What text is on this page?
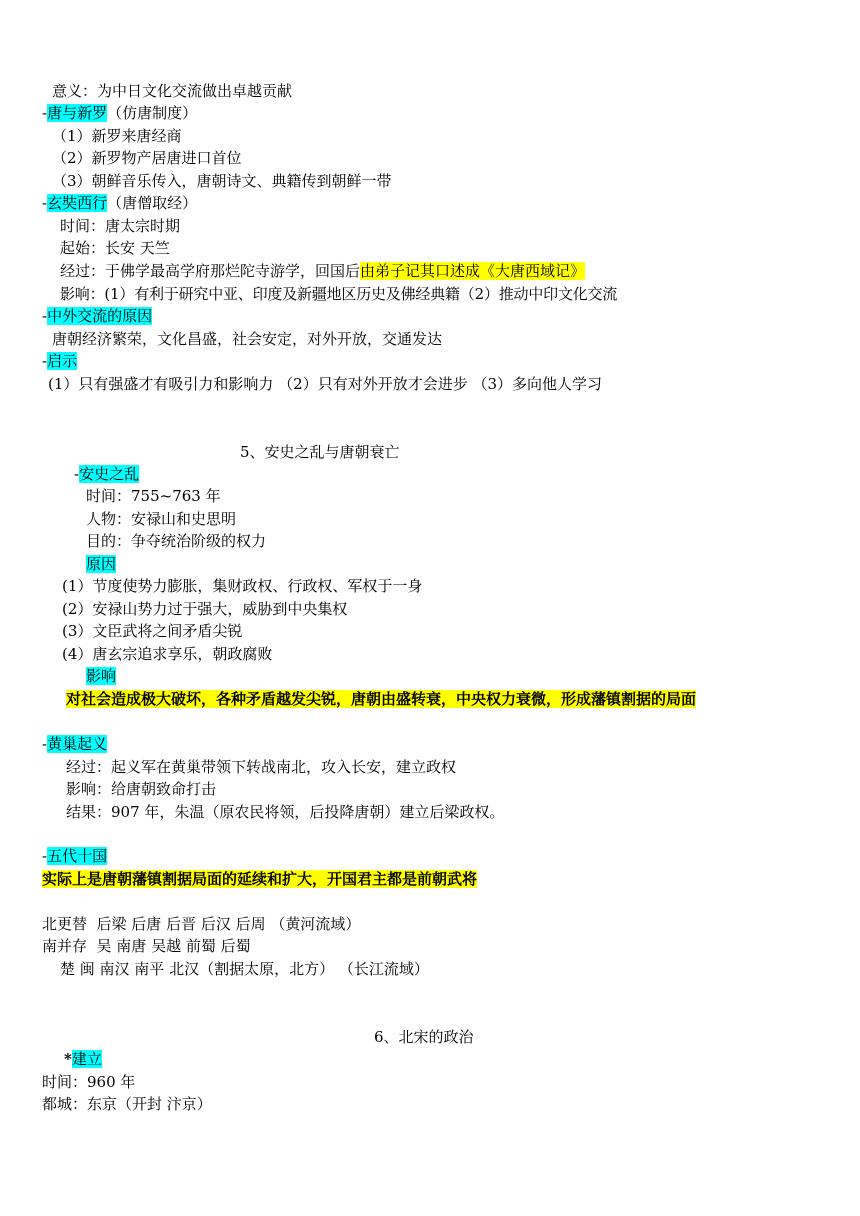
意义：为中日文化交流做出卓越贡献
-唐与新罗（仿唐制度）
（1）新罗来唐经商
（2）新罗物产居唐进口首位
（3）朝鲜音乐传入，唐朝诗文、典籍传到朝鲜一带
-玄奘西行（唐僧取经）
时间：唐太宗时期
起始：长安 天竺
经过：于佛学最高学府那烂陀寺游学，回国后由弟子记其口述成《大唐西域记》
影响：(1）有利于研究中亚、印度及新疆地区历史及佛经典籍（2）推动中印文化交流
-中外交流的原因
唐朝经济繁荣，文化昌盛，社会安定，对外开放，交通发达
-启示
(1）只有强盛才有吸引力和影响力 （2）只有对外开放才会进步 （3）多向他人学习
5、安史之乱与唐朝衰亡
-安史之乱
时间：755~763 年
人物：安禄山和史思明
目的：争夺统治阶级的权力
原因
(1）节度使势力膨胀，集财政权、行政权、军权于一身
(2）安禄山势力过于强大，威胁到中央集权
(3）文臣武将之间矛盾尖锐
(4）唐玄宗追求享乐，朝政腐败
影响
对社会造成极大破坏，各种矛盾越发尖锐，唐朝由盛转衰，中央权力衰微，形成藩镇割据的局面
-黄巢起义
经过：起义军在黄巢带领下转战南北，攻入长安，建立政权
影响：给唐朝致命打击
结果：907 年，朱温（原农民将领，后投降唐朝）建立后梁政权。
-五代十国
实际上是唐朝藩镇割据局面的延续和扩大，开国君主都是前朝武将
北更替  后梁 后唐 后晋 后汉 后周 （黄河流域）
南并存  吴 南唐 吴越 前蜀 后蜀
楚 闽 南汉 南平 北汉（割据太原，北方） （长江流域）
6、北宋的政治
*建立
时间：960 年
都城：东京（开封 汴京）
